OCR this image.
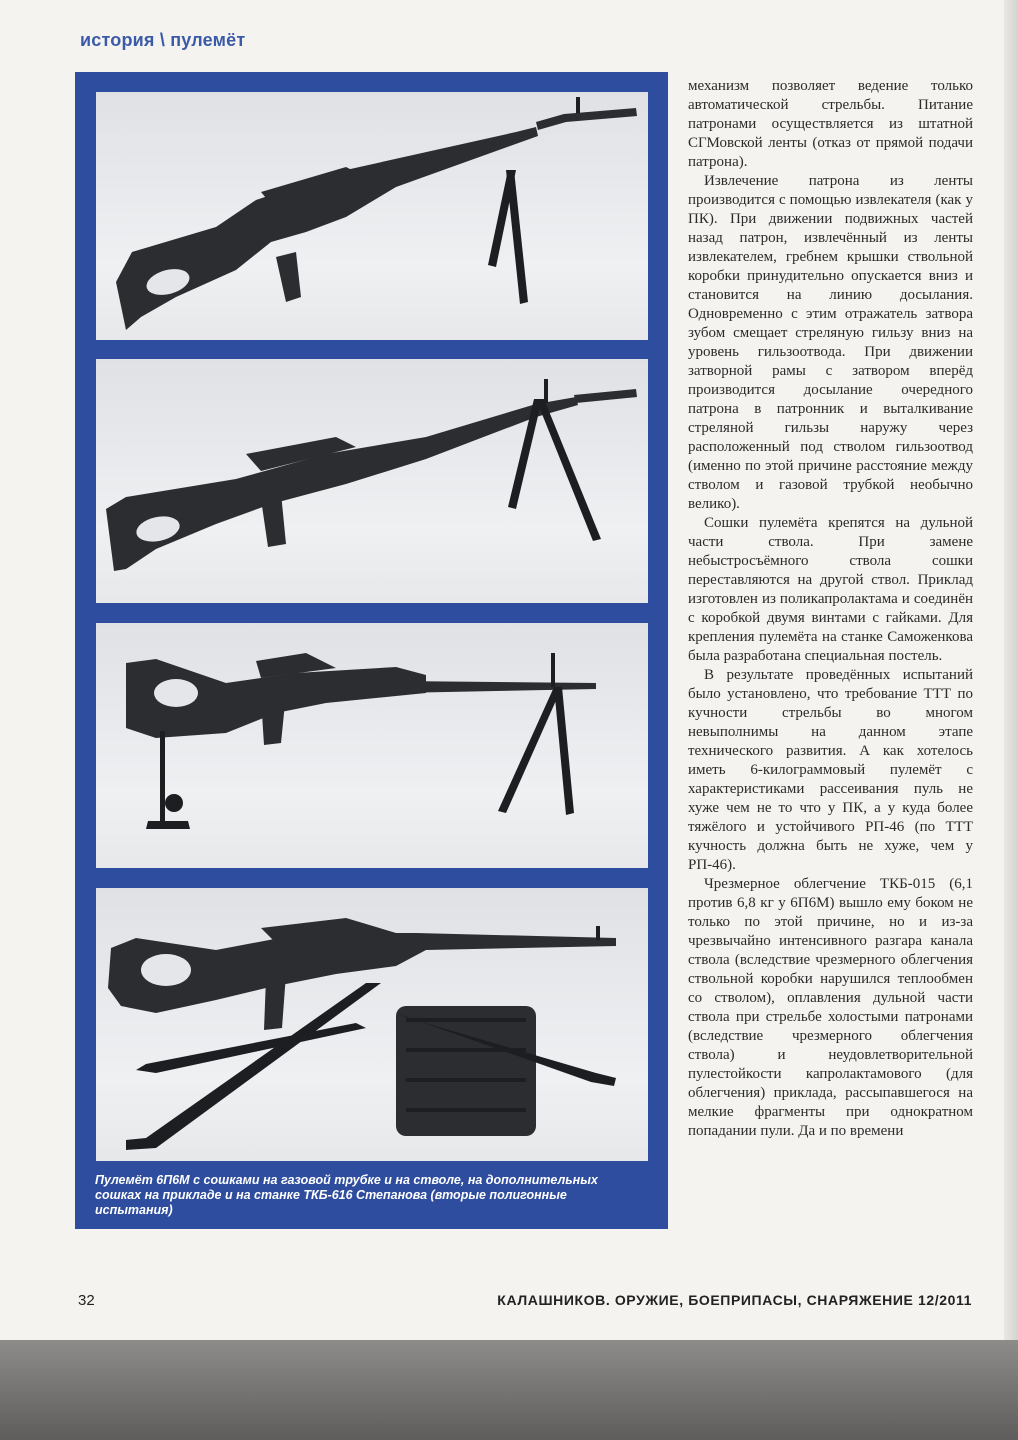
история \ пулемёт
Пулемёт 6П6М с сошками на газовой трубке и на стволе, на дополнительных сошках на прикладе и на станке ТКБ-616 Степанова (вторые полигонные испытания)

механизм позволяет ведение только автоматической стрельбы. Питание патронами осуществляется из штатной СГМовской ленты (отказ от прямой подачи патрона).

Извлечение патрона из ленты производится с помощью извлекателя (как у ПК). При движении подвижных частей назад патрон, извлечённый из ленты извлекателем, гребнем крышки ствольной коробки принудительно опускается вниз и становится на линию досылания. Одновременно с этим отражатель затвора зубом смещает стреляную гильзу вниз на уровень гильзоотвода. При движении затворной рамы с затвором вперёд производится досылание очередного патрона в патронник и выталкивание стреляной гильзы наружу через расположенный под стволом гильзоотвод (именно по этой причине расстояние между стволом и газовой трубкой необычно велико).

Сошки пулемёта крепятся на дульной части ствола. При замене небыстросъёмного ствола сошки переставляются на другой ствол. Приклад изготовлен из поликапролактама и соединён с коробкой двумя винтами с гайками. Для крепления пулемёта на станке Саможенкова была разработана специальная постель.

В результате проведённых испытаний было установлено, что требование ТТТ по кучности стрельбы во многом невыполнимы на данном этапе технического развития. А как хотелось иметь 6-килограммовый пулемёт с характеристиками рассеивания пуль не хуже чем не то что у ПК, а у куда более тяжёлого и устойчивого РП-46 (по ТТТ кучность должна быть не хуже, чем у РП-46).

Чрезмерное облегчение ТКБ-015 (6,1 против 6,8 кг у 6П6М) вышло ему боком не только по этой причине, но и из-за чрезвычайно интенсивного разгара канала ствола (вследствие чрезмерного облегчения ствольной коробки нарушился теплообмен со стволом), оплавления дульной части ствола при стрельбе холостыми патронами (вследствие чрезмерного облегчения ствола) и неудовлетворительной пулестойкости капролактамового (для облегчения) приклада, рассыпавшегося на мелкие фрагменты при однократном попадании пули. Да и по времени

32	КАЛАШНИКОВ. ОРУЖИЕ, БОЕПРИПАСЫ, СНАРЯЖЕНИЕ 12/2011
